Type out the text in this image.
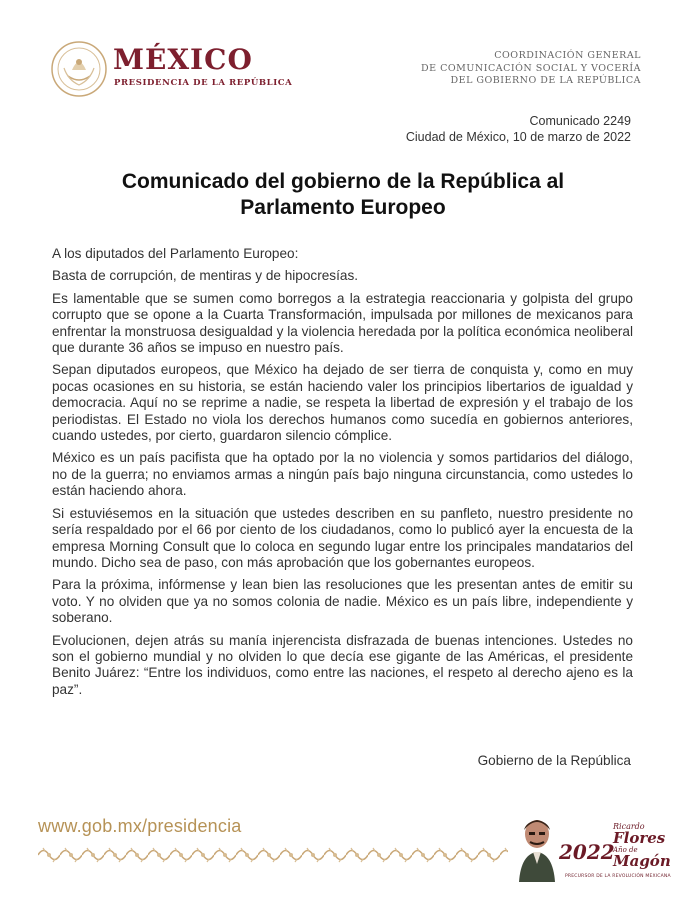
MÉXICO
PRESIDENCIA DE LA REPÚBLICA
COORDINACIÓN GENERAL
DE COMUNICACIÓN SOCIAL Y VOCERÍA
DEL GOBIERNO DE LA REPÚBLICA
Comunicado 2249
Ciudad de México, 10 de marzo de 2022
Comunicado del gobierno de la República al Parlamento Europeo

A los diputados del Parlamento Europeo:

Basta de corrupción, de mentiras y de hipocresías.

Es lamentable que se sumen como borregos a la estrategia reaccionaria y golpista del grupo corrupto que se opone a la Cuarta Transformación, impulsada por millones de mexicanos para enfrentar la monstruosa desigualdad y la violencia heredada por la política económica neoliberal que durante 36 años se impuso en nuestro país.

Sepan diputados europeos, que México ha dejado de ser tierra de conquista y, como en muy pocas ocasiones en su historia, se están haciendo valer los principios libertarios de igualdad y democracia. Aquí no se reprime a nadie, se respeta la libertad de expresión y el trabajo de los periodistas. El Estado no viola los derechos humanos como sucedía en gobiernos anteriores, cuando ustedes, por cierto, guardaron silencio cómplice.

México es un país pacifista que ha optado por la no violencia y somos partidarios del diálogo, no de la guerra; no enviamos armas a ningún país bajo ninguna circunstancia, como ustedes lo están haciendo ahora.

Si estuviésemos en la situación que ustedes describen en su panfleto, nuestro presidente no sería respaldado por el 66 por ciento de los ciudadanos, como lo publicó ayer la encuesta de la empresa Morning Consult que lo coloca en segundo lugar entre los principales mandatarios del mundo. Dicho sea de paso, con más aprobación que los gobernantes europeos.

Para la próxima, infórmense y lean bien las resoluciones que les presentan antes de emitir su voto. Y no olviden que ya no somos colonia de nadie. México es un país libre, independiente y soberano.

Evolucionen, dejen atrás su manía injerencista disfrazada de buenas intenciones. Ustedes no son el gobierno mundial y no olviden lo que decía ese gigante de las Américas, el presidente Benito Juárez: “Entre los individuos, como entre las naciones, el respeto al derecho ajeno es la paz”.

Gobierno de la República
www.gob.mx/presidencia
2022
Ricardo
Flores
Año de
Magón
PRECURSOR DE LA REVOLUCIÓN MEXICANA
